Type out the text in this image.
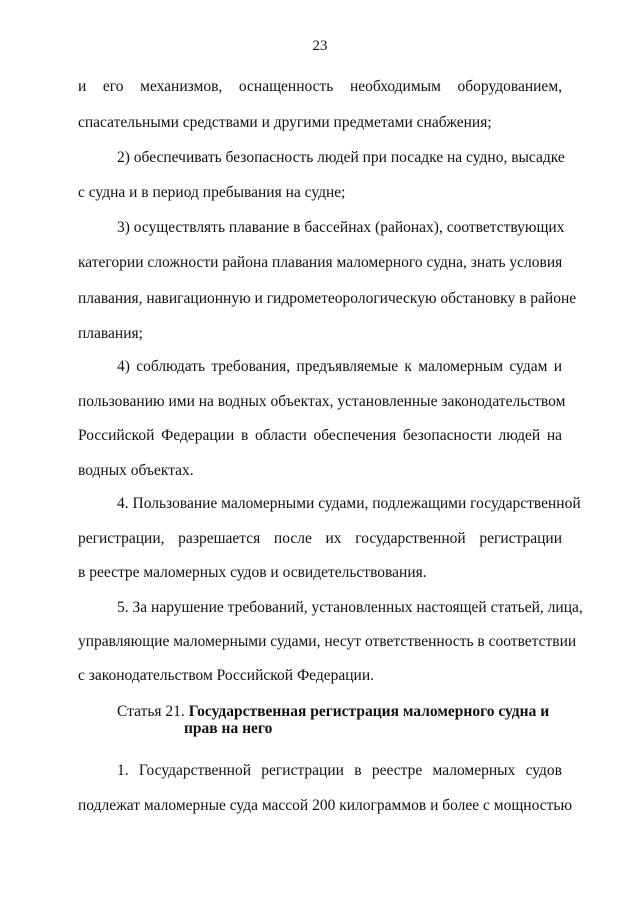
23
и его механизмов, оснащенность необходимым оборудованием,
спасательными средствами и другими предметами снабжения;
2) обеспечивать безопасность людей при посадке на судно, высадке
с судна и в период пребывания на судне;
3) осуществлять плавание в бассейнах (районах), соответствующих
категории сложности района плавания маломерного судна, знать условия
плавания, навигационную и гидрометеорологическую обстановку в районе
плавания;
4) соблюдать требования, предъявляемые к маломерным судам и
пользованию ими на водных объектах, установленные законодательством
Российской Федерации в области обеспечения безопасности людей на
водных объектах.
4. Пользование маломерными судами, подлежащими государственной
регистрации, разрешается после их государственной регистрации
в реестре маломерных судов и освидетельствования.
5. За нарушение требований, установленных настоящей статьей, лица,
управляющие маломерными судами, несут ответственность в соответствии
с законодательством Российской Федерации.
Статья 21. Государственная регистрация маломерного судна и
прав на него
1. Государственной регистрации в реестре маломерных судов
подлежат маломерные суда массой 200 килограммов и более с мощностью
